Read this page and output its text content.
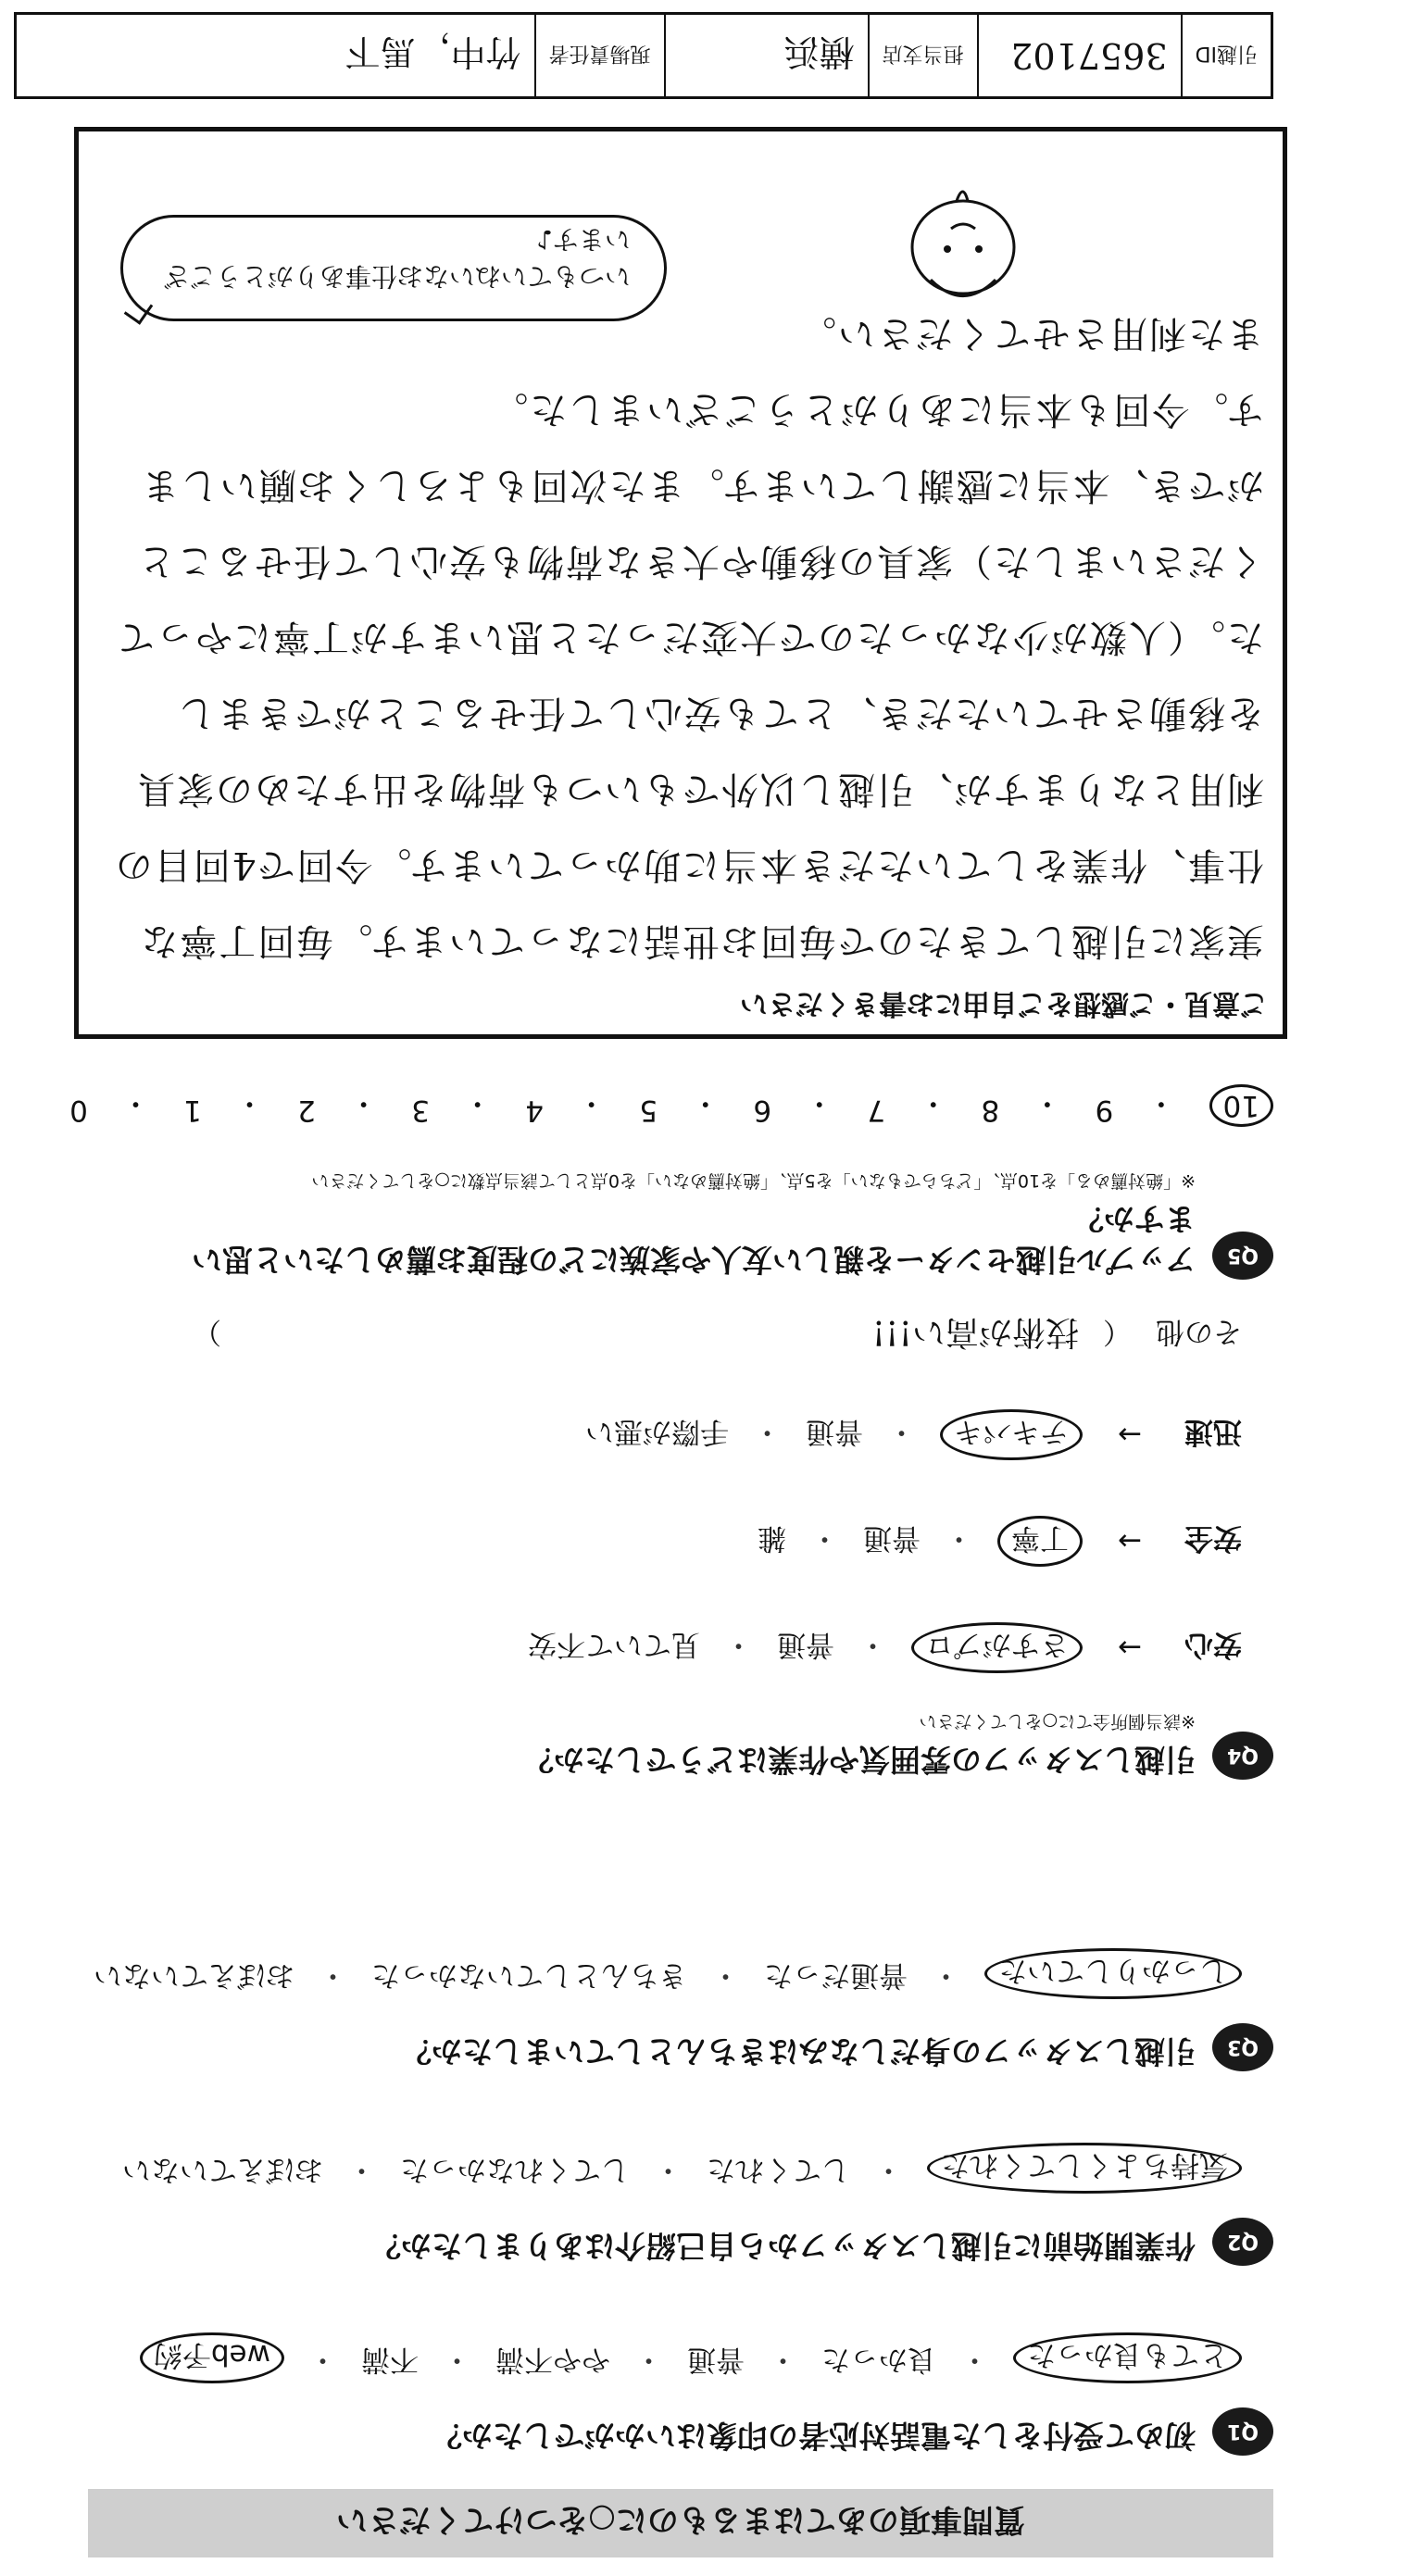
質問事項のあてはまるものに○をつけてください
Q1
初めて受付をした電話対応者の印象はいかがでしたか？
とても良かった
・
良かった
・
普通
・
やや不満
・
不満
・
web予約
Q2
作業開始前に引越しスタッフから自己紹介はありましたか？
気持ちよくしてくれた
・
してくれた
・
してくれなかった
・
おぼえていない
Q3
引越しスタッフの身だしなみはきちんとしていましたか？
しっかりしていた
・
普通だった
・
きちんとしていなかった
・
おぼえていない
Q4
引越しスタッフの雰囲気や作業はどうでしたか？
※該当個所全てに○をしてください
安心
→
さすがプロ
・
普通
・
見ていて不安
安全
→
丁寧
・
普通
・
雑
迅速
→
テキパキ
・
普通
・
手際が悪い
その他
（
技術が高い!!!
）
Q5
アップル引越センターを親しい友人や家族にどの程度お薦めしたいと思いますか？
※「絶対薦める」を10点、「どちらでもない」を5点、「絶対薦めない」を0点として該当点数に○をしてください
10
・
9
・
8
・
7
・
6
・
5
・
4
・
3
・
2
・
1
・
0
ご意見・ご感想をご自由にお書きください
実家に引越してきたので毎回お世話になっています。毎回丁寧な仕事、作業をしていただき本当に助かっています。今回で4回目の利用となりますが、引越し以外でもいつも荷物を出すための家具を移動させていただき、とても安心して任せることができました。（人数が少なかったので大変だったと思いますが丁寧にやってくださいました）家具の移動や大きな荷物も安心して任せることができ、本当に感謝しています。また次回もよろしくお願いします。今回も本当にありがとうございました。
また利用させてください。
いつもていねいなお仕事ありがとうございます♪
引越ID
3657102
担当支店
横浜
現場責任者
竹中，馬下
